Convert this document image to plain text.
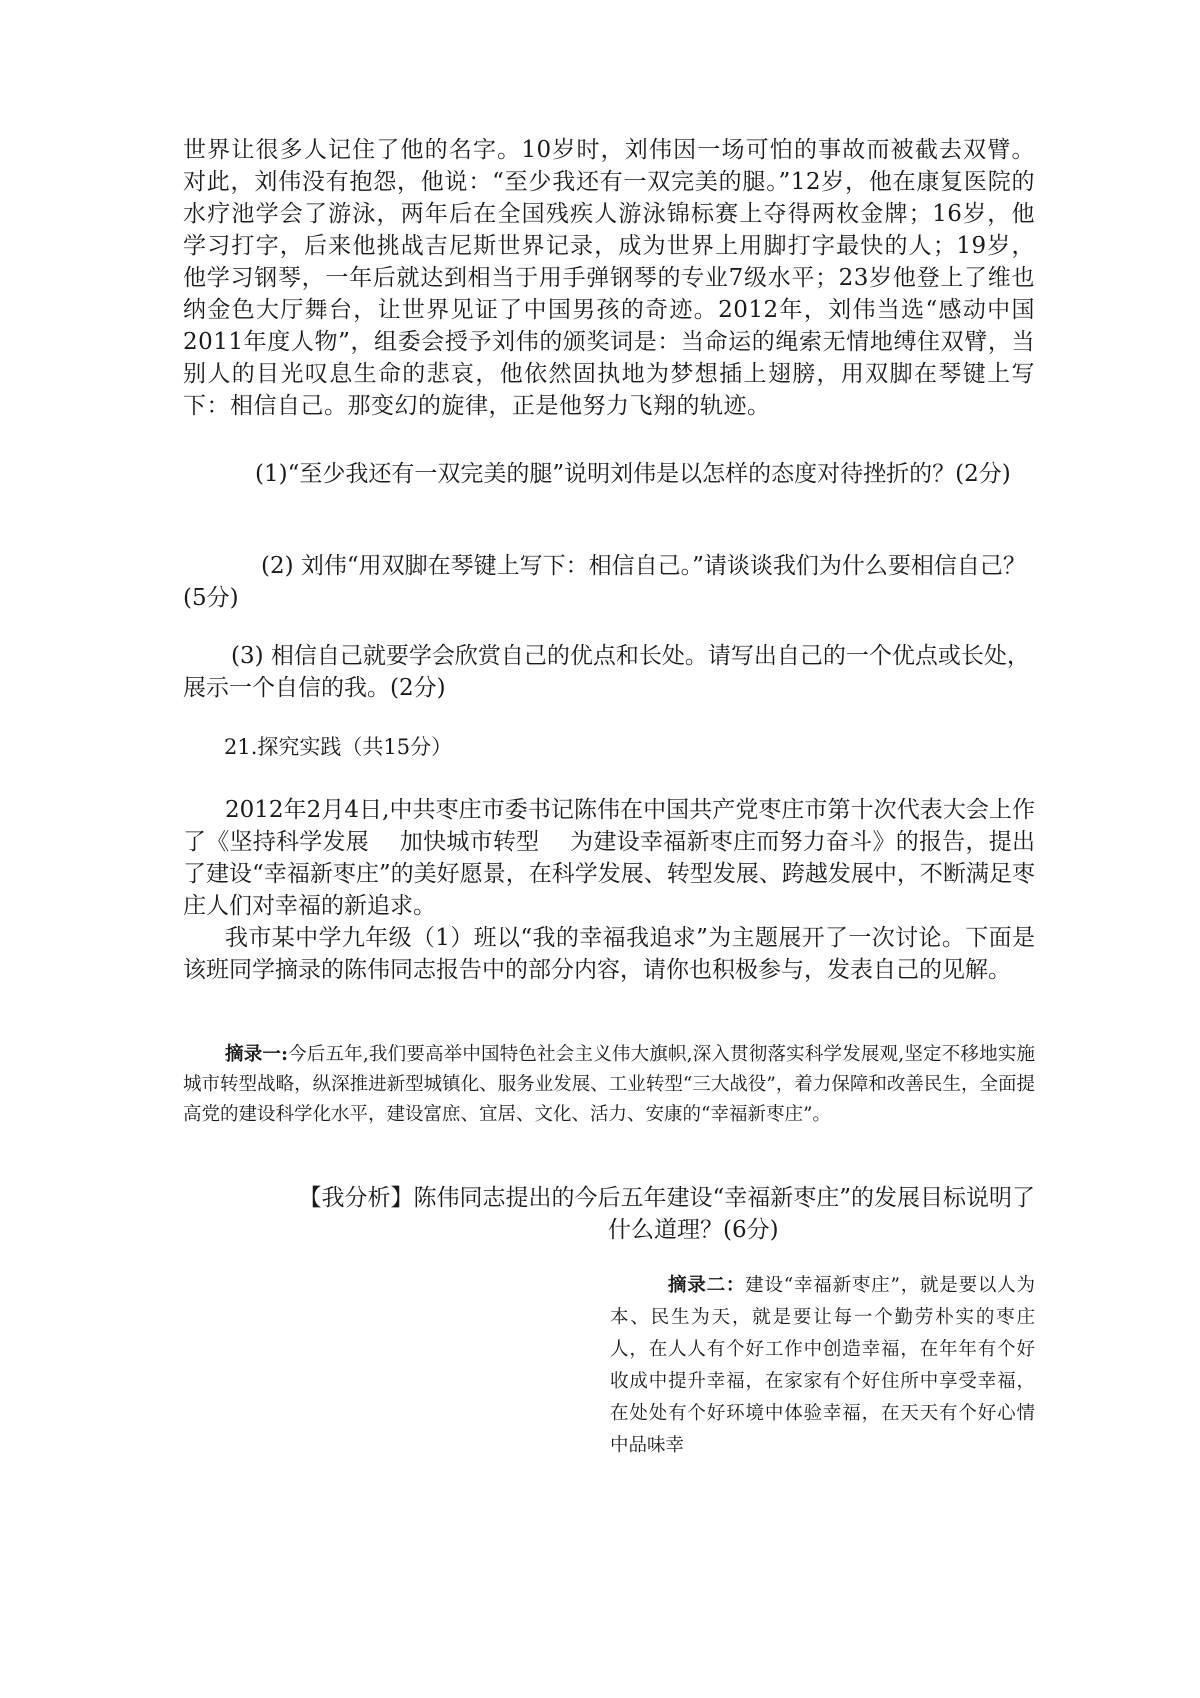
世界让很多人记住了他的名字。10岁时，刘伟因一场可怕的事故而被截去双臂。对此，刘伟没有抱怨，他说：“至少我还有一双完美的腿。”12岁，他在康复医院的水疗池学会了游泳，两年后在全国残疾人游泳锦标赛上夺得两枚金牌；16岁，他学习打字，后来他挑战吉尼斯世界记录，成为世界上用脚打字最快的人；19岁，他学习钢琴，一年后就达到相当于用手弹钢琴的专业7级水平；23岁他登上了维也纳金色大厅舞台，让世界见证了中国男孩的奇迹。2012年，刘伟当选“感动中国2011年度人物”，组委会授予刘伟的颁奖词是：当命运的绳索无情地缚住双臂，当别人的目光叹息生命的悲哀，他依然固执地为梦想插上翅膀，用双脚在琴键上写下：相信自己。那变幻的旋律，正是他努力飞翔的轨迹。

(1)“至少我还有一双完美的腿”说明刘伟是以怎样的态度对待挫折的？(2分)

(2) 刘伟“用双脚在琴键上写下：相信自己。”请谈谈我们为什么要相信自己？(5分)

(3) 相信自己就要学会欣赏自己的优点和长处。请写出自己的一个优点或长处，展示一个自信的我。(2分)

21.探究实践（共15分）

2012年2月4日,中共枣庄市委书记陈伟在中国共产党枣庄市第十次代表大会上作了《坚持科学发展　 加快城市转型　 为建设幸福新枣庄而努力奋斗》的报告，提出了建设“幸福新枣庄”的美好愿景，在科学发展、转型发展、跨越发展中，不断满足枣庄人们对幸福的新追求。

我市某中学九年级（1）班以“我的幸福我追求”为主题展开了一次讨论。下面是该班同学摘录的陈伟同志报告中的部分内容，请你也积极参与，发表自己的见解。

摘录一:今后五年,我们要高举中国特色社会主义伟大旗帜,深入贯彻落实科学发展观,坚定不移地实施城市转型战略，纵深推进新型城镇化、服务业发展、工业转型“三大战役”，着力保障和改善民生，全面提高党的建设科学化水平，建设富庶、宜居、文化、活力、安康的“幸福新枣庄”。

【我分析】陈伟同志提出的今后五年建设“幸福新枣庄”的发展目标说明了

什么道理？(6分)

摘录二：建设“幸福新枣庄”，就是要以人为本、民生为天，就是要让每一个勤劳朴实的枣庄人，在人人有个好工作中创造幸福，在年年有个好收成中提升幸福，在家家有个好住所中享受幸福，在处处有个好环境中体验幸福，在天天有个好心情中品味幸
